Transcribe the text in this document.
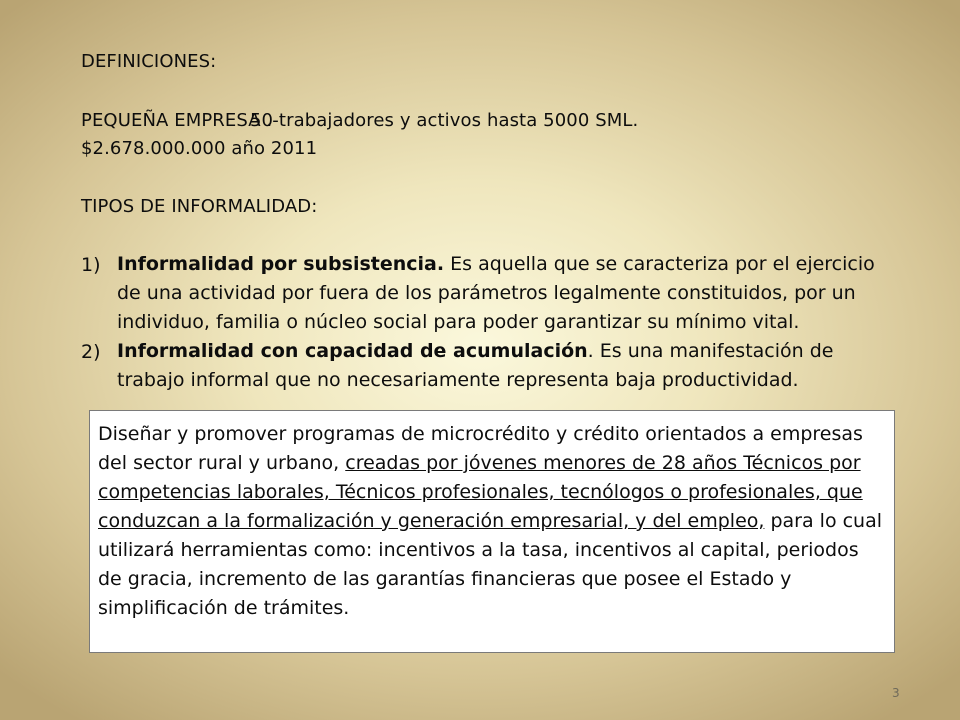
DEFINICIONES:
PEQUEÑA EMPRESA .-
50 trabajadores y activos hasta 5000 SML.
$2.678.000.000 año 2011
TIPOS DE INFORMALIDAD:
1) Informalidad por subsistencia. Es aquella que se caracteriza por el ejercicio de una actividad por fuera de los parámetros legalmente constituidos, por un individuo, familia o núcleo social para poder garantizar su mínimo vital.
2) Informalidad con capacidad de acumulación. Es una manifestación de trabajo informal que no necesariamente representa baja productividad.
Diseñar y promover programas de microcrédito y crédito orientados a empresas del sector rural y urbano, creadas por jóvenes menores de 28 años Técnicos por competencias laborales, Técnicos profesionales, tecnólogos o profesionales, que conduzcan a la formalización y generación empresarial, y del empleo, para lo cual utilizará herramientas como: incentivos a la tasa, incentivos al capital, periodos de gracia, incremento de las garantías financieras que posee el Estado y simplificación de trámites.
3
